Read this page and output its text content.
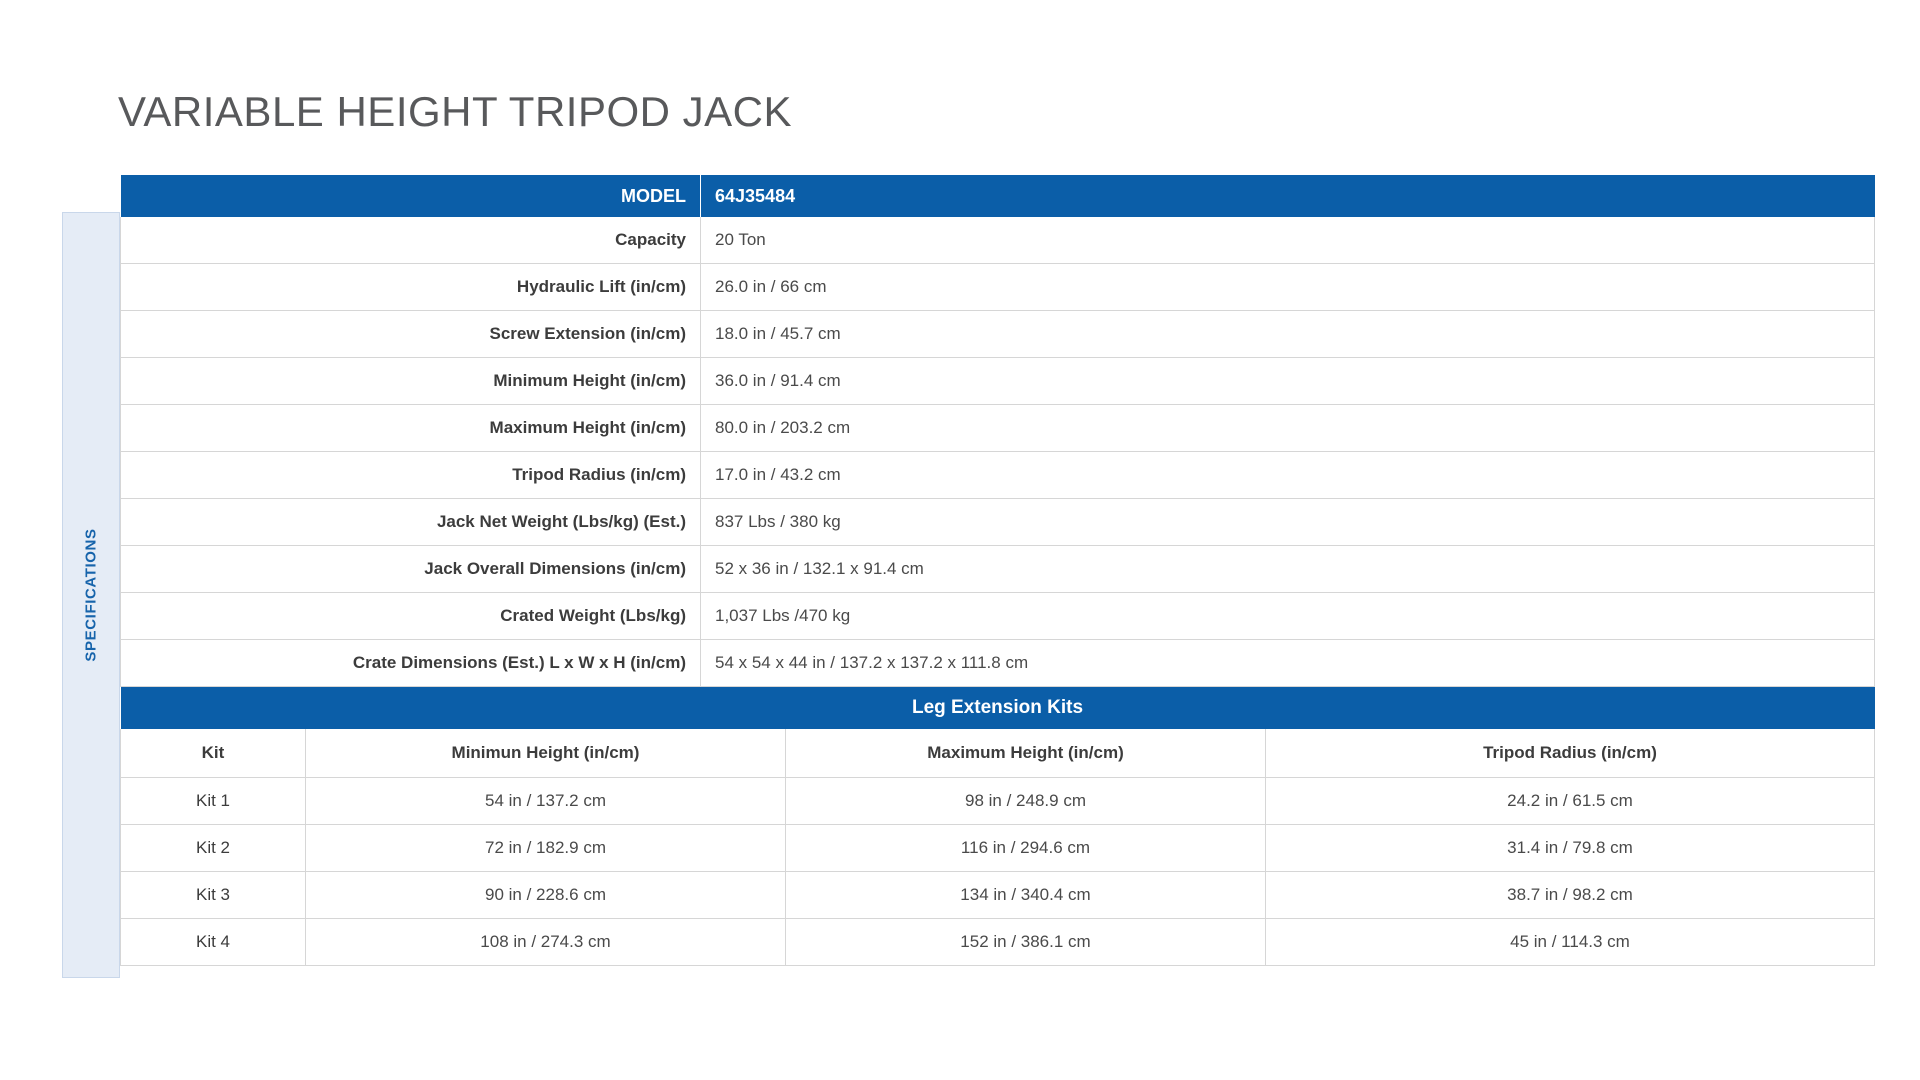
VARIABLE HEIGHT TRIPOD JACK
SPECIFICATIONS
MODEL	64J35484
Capacity	20 Ton
Hydraulic Lift (in/cm)	26.0 in / 66 cm
Screw Extension (in/cm)	18.0 in / 45.7 cm
Minimum Height (in/cm)	36.0 in / 91.4 cm
Maximum Height (in/cm)	80.0 in / 203.2 cm
Tripod Radius (in/cm)	17.0 in / 43.2 cm
Jack Net Weight (Lbs/kg) (Est.)	837 Lbs / 380 kg
Jack Overall Dimensions (in/cm)	52 x 36 in / 132.1 x 91.4 cm
Crated Weight (Lbs/kg)	1,037 Lbs /470 kg
Crate Dimensions (Est.) L x W x H (in/cm)	54 x 54 x 44 in / 137.2 x 137.2 x 111.8 cm
Leg Extension Kits			
Kit	Minimun Height (in/cm)	Maximum Height (in/cm)	Tripod Radius (in/cm)
Kit 1	54 in / 137.2 cm	98 in / 248.9 cm	24.2 in / 61.5 cm
Kit 2	72 in / 182.9 cm	116 in / 294.6 cm	31.4 in / 79.8 cm
Kit 3	90 in / 228.6 cm	134 in / 340.4 cm	38.7 in / 98.2 cm
Kit 4	108 in / 274.3 cm	152 in / 386.1 cm	45 in / 114.3 cm
